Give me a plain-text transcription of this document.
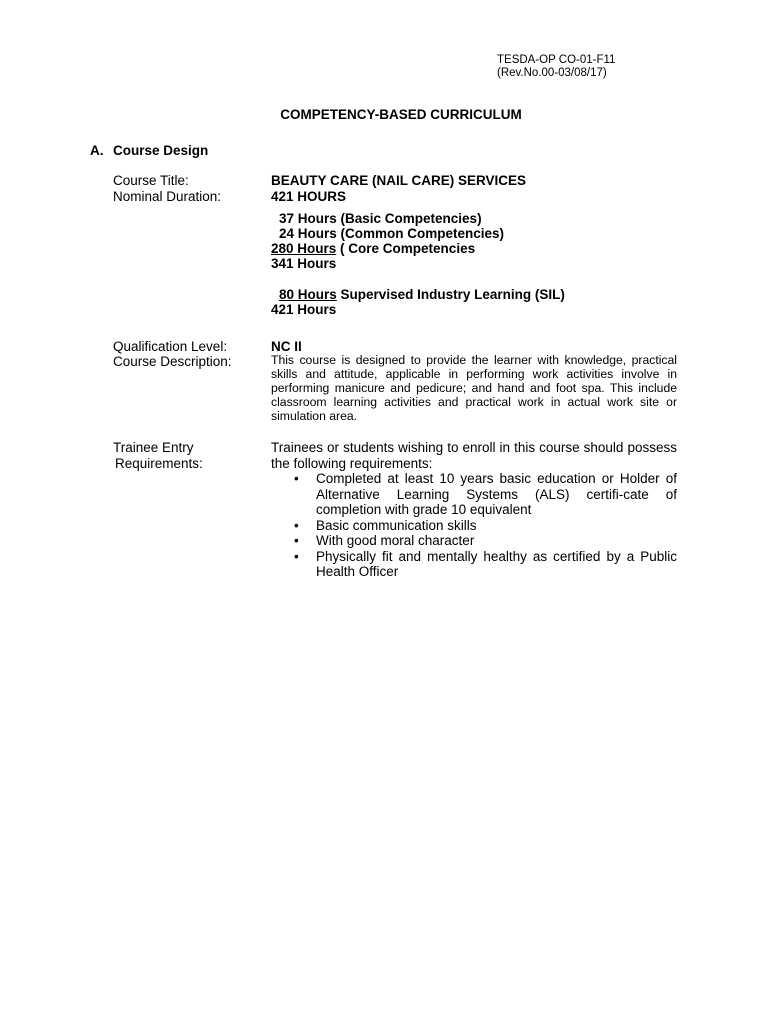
TESDA-OP CO-01-F11
(Rev.No.00-03/08/17)
COMPETENCY-BASED CURRICULUM
A. Course Design
Course Title:	BEAUTY CARE (NAIL CARE) SERVICES
Nominal Duration:	421 HOURS
37 Hours (Basic Competencies)
24 Hours (Common Competencies)
280 Hours ( Core Competencies
341 Hours
80 Hours Supervised Industry Learning (SIL)
421 Hours
Qualification Level:	NC II
Course Description:	This course is designed to provide the learner with knowledge, practical skills and attitude, applicable in performing work activities involve in performing manicure and pedicure; and hand and foot spa. This include classroom learning activities and practical work in actual work site or simulation area.
Trainee Entry
Requirements:

Trainees or students wishing to enroll in this course should possess the following requirements:

• Completed at least 10 years basic education or Holder of Alternative Learning Systems (ALS) certifi-cate of completion with grade 10 equivalent
• Basic communication skills
• With good moral character
• Physically fit and mentally healthy as certified by a Public Health Officer
